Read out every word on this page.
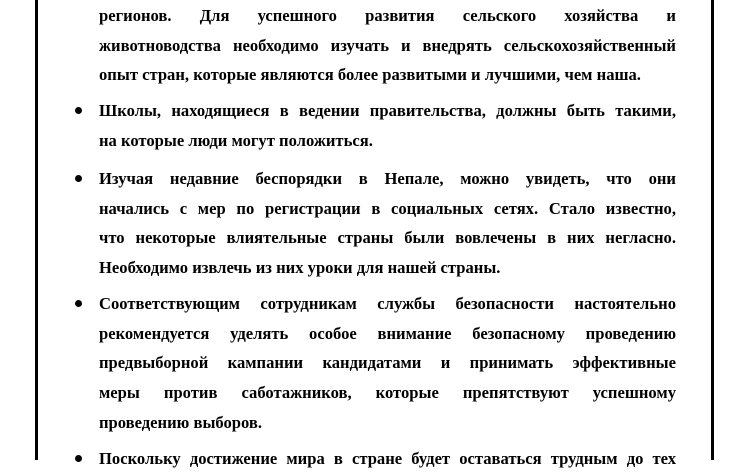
регионов. Для успешного развития сельского хозяйства и
животноводства необходимо изучать и внедрять сельскохозяйственный
опыт стран, которые являются более развитыми и лучшими, чем наша.
Школы, находящиеся в ведении правительства, должны быть такими,
на которые люди могут положиться.
Изучая недавние беспорядки в Непале, можно увидеть, что они
начались с мер по регистрации в социальных сетях. Стало известно,
что некоторые влиятельные страны были вовлечены в них негласно.
Необходимо извлечь из них уроки для нашей страны.
Соответствующим сотрудникам службы безопасности настоятельно
рекомендуется уделять особое внимание безопасному проведению
предвыборной кампании кандидатами и принимать эффективные
меры против саботажников, которые препятствуют успешному
проведению выборов.
Поскольку достижение мира в стране будет оставаться трудным до тех
